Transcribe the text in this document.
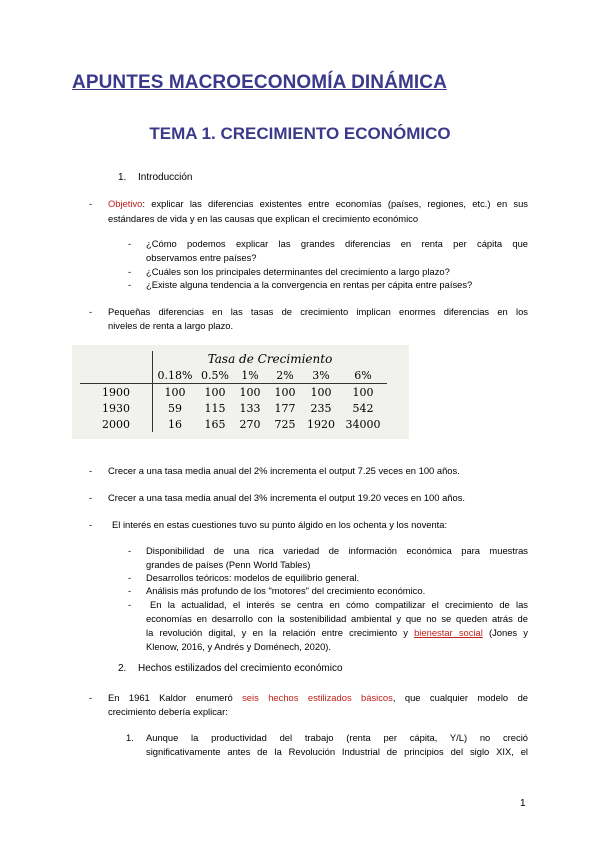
APUNTES MACROECONOMÍA DINÁMICA
TEMA 1. CRECIMIENTO ECONÓMICO
1. Introducción
- Objetivo: explicar las diferencias existentes entre economías (países, regiones, etc.) en sus
estándares de vida y en las causas que explican el crecimiento económico
- ¿Cómo podemos explicar las grandes diferencias en renta per cápita que
observamos entre países?
- ¿Cuáles son los principales determinantes del crecimiento a largo plazo?
- ¿Existe alguna tendencia a la convergencia en rentas per cápita entre países?
- Pequeñas diferencias en las tasas de crecimiento implican enormes diferencias en los
niveles de renta a largo plazo.
	Tasa de Crecimiento					
	0.18%	0.5%	1%	2%	3%	6%
1900	100	100	100	100	100	100
1930	59	115	133	177	235	542
2000	16	165	270	725	1920	34000
- Crecer a una tasa media anual del 2% incrementa el output 7.25 veces en 100 años.
- Crecer a una tasa media anual del 3% incrementa el output 19.20 veces en 100 años.
- El interés en estas cuestiones tuvo su punto álgido en los ochenta y los noventa:
- Disponibilidad de una rica variedad de información económica para muestras
grandes de países (Penn World Tables)
- Desarrollos teóricos: modelos de equilibrio general.
- Análisis más profundo de los "motores" del crecimiento económico.
-	En la actualidad, el interés se centra en cómo compatilizar el crecimiento de las
economías en desarrollo con la sostenibilidad ambiental y que no se queden atrás de
la revolución digital, y en la relación entre crecimiento y bienestar social (Jones y
Klenow, 2016, y Andrés y Doménech, 2020).
2. Hechos estilizados del crecimiento económico
- En 1961 Kaldor enumeró seis hechos estilizados básicos, que cualquier modelo de
crecimiento debería explicar:
1. Aunque la productividad del trabajo (renta per cápita, Y/L) no creció
significativamente antes de la Revolución Industrial de principios del siglo XIX, el
1
